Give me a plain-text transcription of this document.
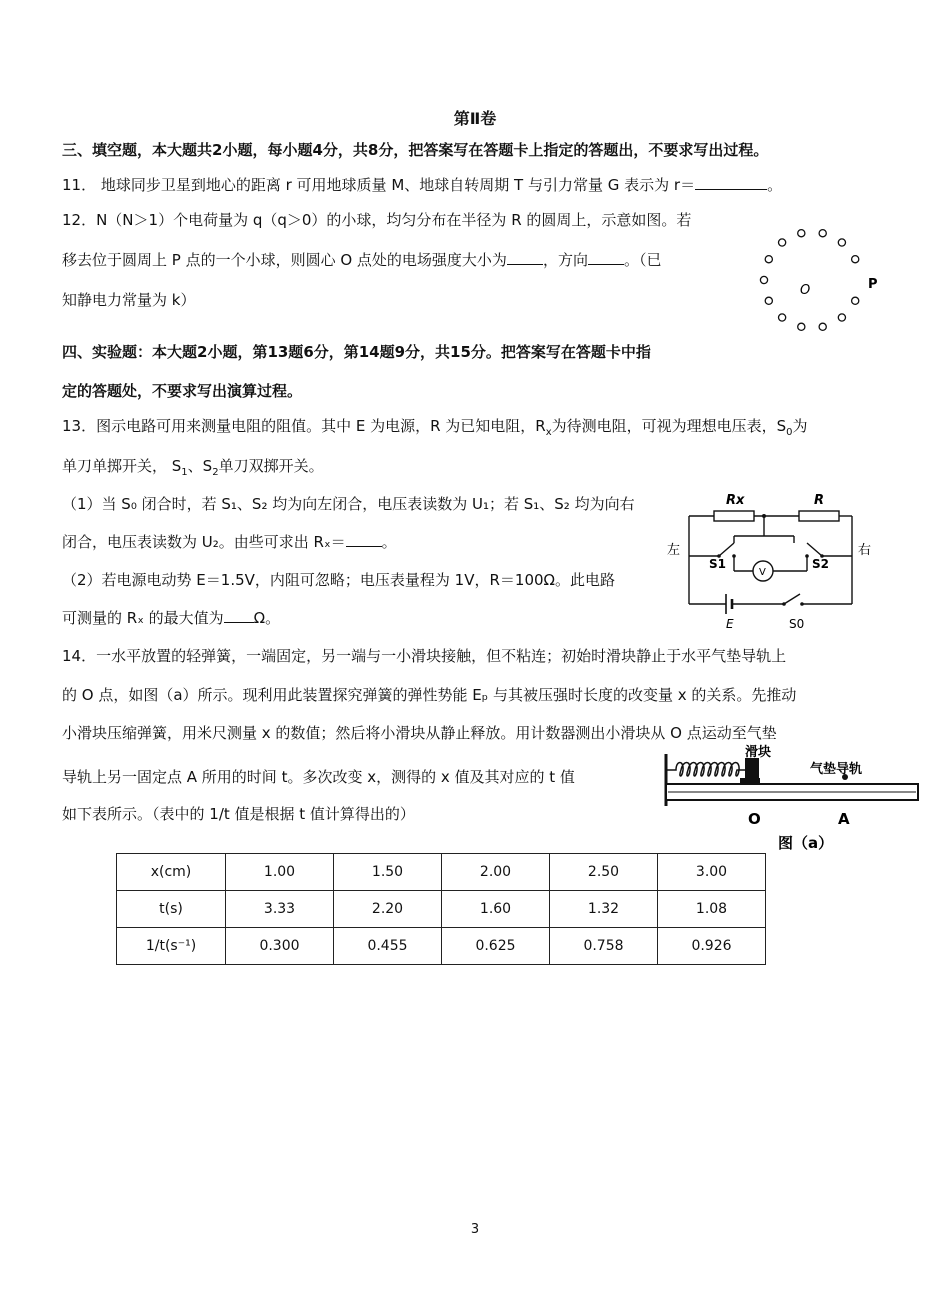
第Ⅱ卷
三、填空题，本大题共2小题，每小题4分，共8分，把答案写在答题卡上指定的答题出，不要求写出过程。
11． 地球同步卫星到地心的距离 r 可用地球质量 M、地球自转周期 T 与引力常量 G 表示为 r＝	。
12．N（N＞1）个电荷量为 q（q＞0）的小球，均匀分布在半径为 R 的圆周上，示意如图。若
移去位于圆周上 P 点的一个小球，则圆心 O 点处的电场强度大小为 ，方向 。（已
知静电力常量为 k）
O	P
四、实验题：本大题2小题，第13题6分，第14题9分，共15分。把答案写在答题卡中指
定的答题处，不要求写出演算过程。
13．图示电路可用来测量电阻的阻值。其中 E 为电源，R 为已知电阻，$R_x$为待测电阻，可视为理想电压表，$S_0$为
单刀单掷开关， $S_1$、$S_2$单刀双掷开关。
（1）当 S₀ 闭合时，若 S₁、S₂ 均为向左闭合，电压表读数为 U₁；若 S₁、S₂ 均为向右
闭合，电压表读数为 U₂。由些可求出 Rₓ＝ 。
（2）若电源电动势 E＝1.5V，内阻可忽略；电压表量程为 1V，R＝100Ω。此电路
可测量的 Rₓ 的最大值为 Ω。
Rx	R
左	右
S1	S2
V
E	S0
14．一水平放置的轻弹簧，一端固定，另一端与一小滑块接触，但不粘连；初始时滑块静止于水平气垫导轨上
的 O 点，如图（a）所示。现利用此装置探究弹簧的弹性势能 Eₚ 与其被压强时长度的改变量 x 的关系。先推动
小滑块压缩弹簧，用米尺测量 x 的数值；然后将小滑块从静止释放。用计数器测出小滑块从 O 点运动至气垫
导轨上另一固定点 A 所用的时间 t。多次改变 x，测得的 x 值及其对应的 t 值
如下表所示。（表中的 1/t 值是根据 t 值计算得出的）
滑块
气垫导轨
O	A
图（a）
x(cm)	1.00	1.50	2.00	2.50	3.00
t(s)	3.33	2.20	1.60	1.32	1.08
1/t(s⁻¹)	0.300	0.455	0.625	0.758	0.926
3
